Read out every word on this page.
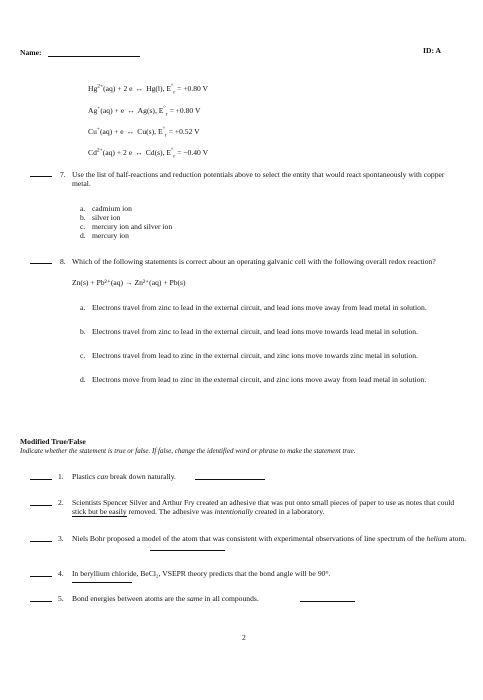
Name:	ID: A
$Hg^{2+}(aq) + 2$ e ↔ Hg(l), $E^\circ_r = +0.80$ V
Ag+(aq) + e ↔ Ag(s), $E^\circ_r = +0.80$ V
Cu+(aq) + e ↔ Cu(s), $E^\circ_r = +0.52$ V
$Cd^{2+}(aq) + 2$ e ↔ Cd(s), $E^\circ_r = -0.40$ V
7. Use the list of half-reactions and reduction potentials above to select the entity that would react spontaneously with copper metal.
a. cadmium ion
b. silver ion
c. mercury ion and silver ion
d. mercury ion
8. Which of the following statements is correct about an operating galvanic cell with the following overall redox reaction?
Zn(s) + Pb²⁺(aq) → Zn²⁺(aq) + Pb(s)
a. Electrons travel from zinc to lead in the external circuit, and lead ions move away from lead metal in solution.
b. Electrons travel from zinc to lead in the external circuit, and lead ions move towards lead metal in solution.
c. Electrons travel from lead to zinc in the external circuit, and zinc ions move towards zinc metal in solution.
d. Electrons move from lead to zinc in the external circuit, and zinc ions move away from lead metal in solution.
Modified True/False
Indicate whether the statement is true or false. If false, change the identified word or phrase to make the statement true.
1. Plastics can break down naturally.
2. Scientists Spencer Silver and Arthur Fry created an adhesive that was put onto small pieces of paper to use as notes that could stick but be easily removed. The adhesive was intentionally created in a laboratory.
3. Niels Bohr proposed a model of the atom that was consistent with experimental observations of line spectrum of the helium atom.
4. In beryllium chloride, BeCl₂, VSEPR theory predicts that the bond angle will be 90°.
5. Bond energies between atoms are the same in all compounds.
2
